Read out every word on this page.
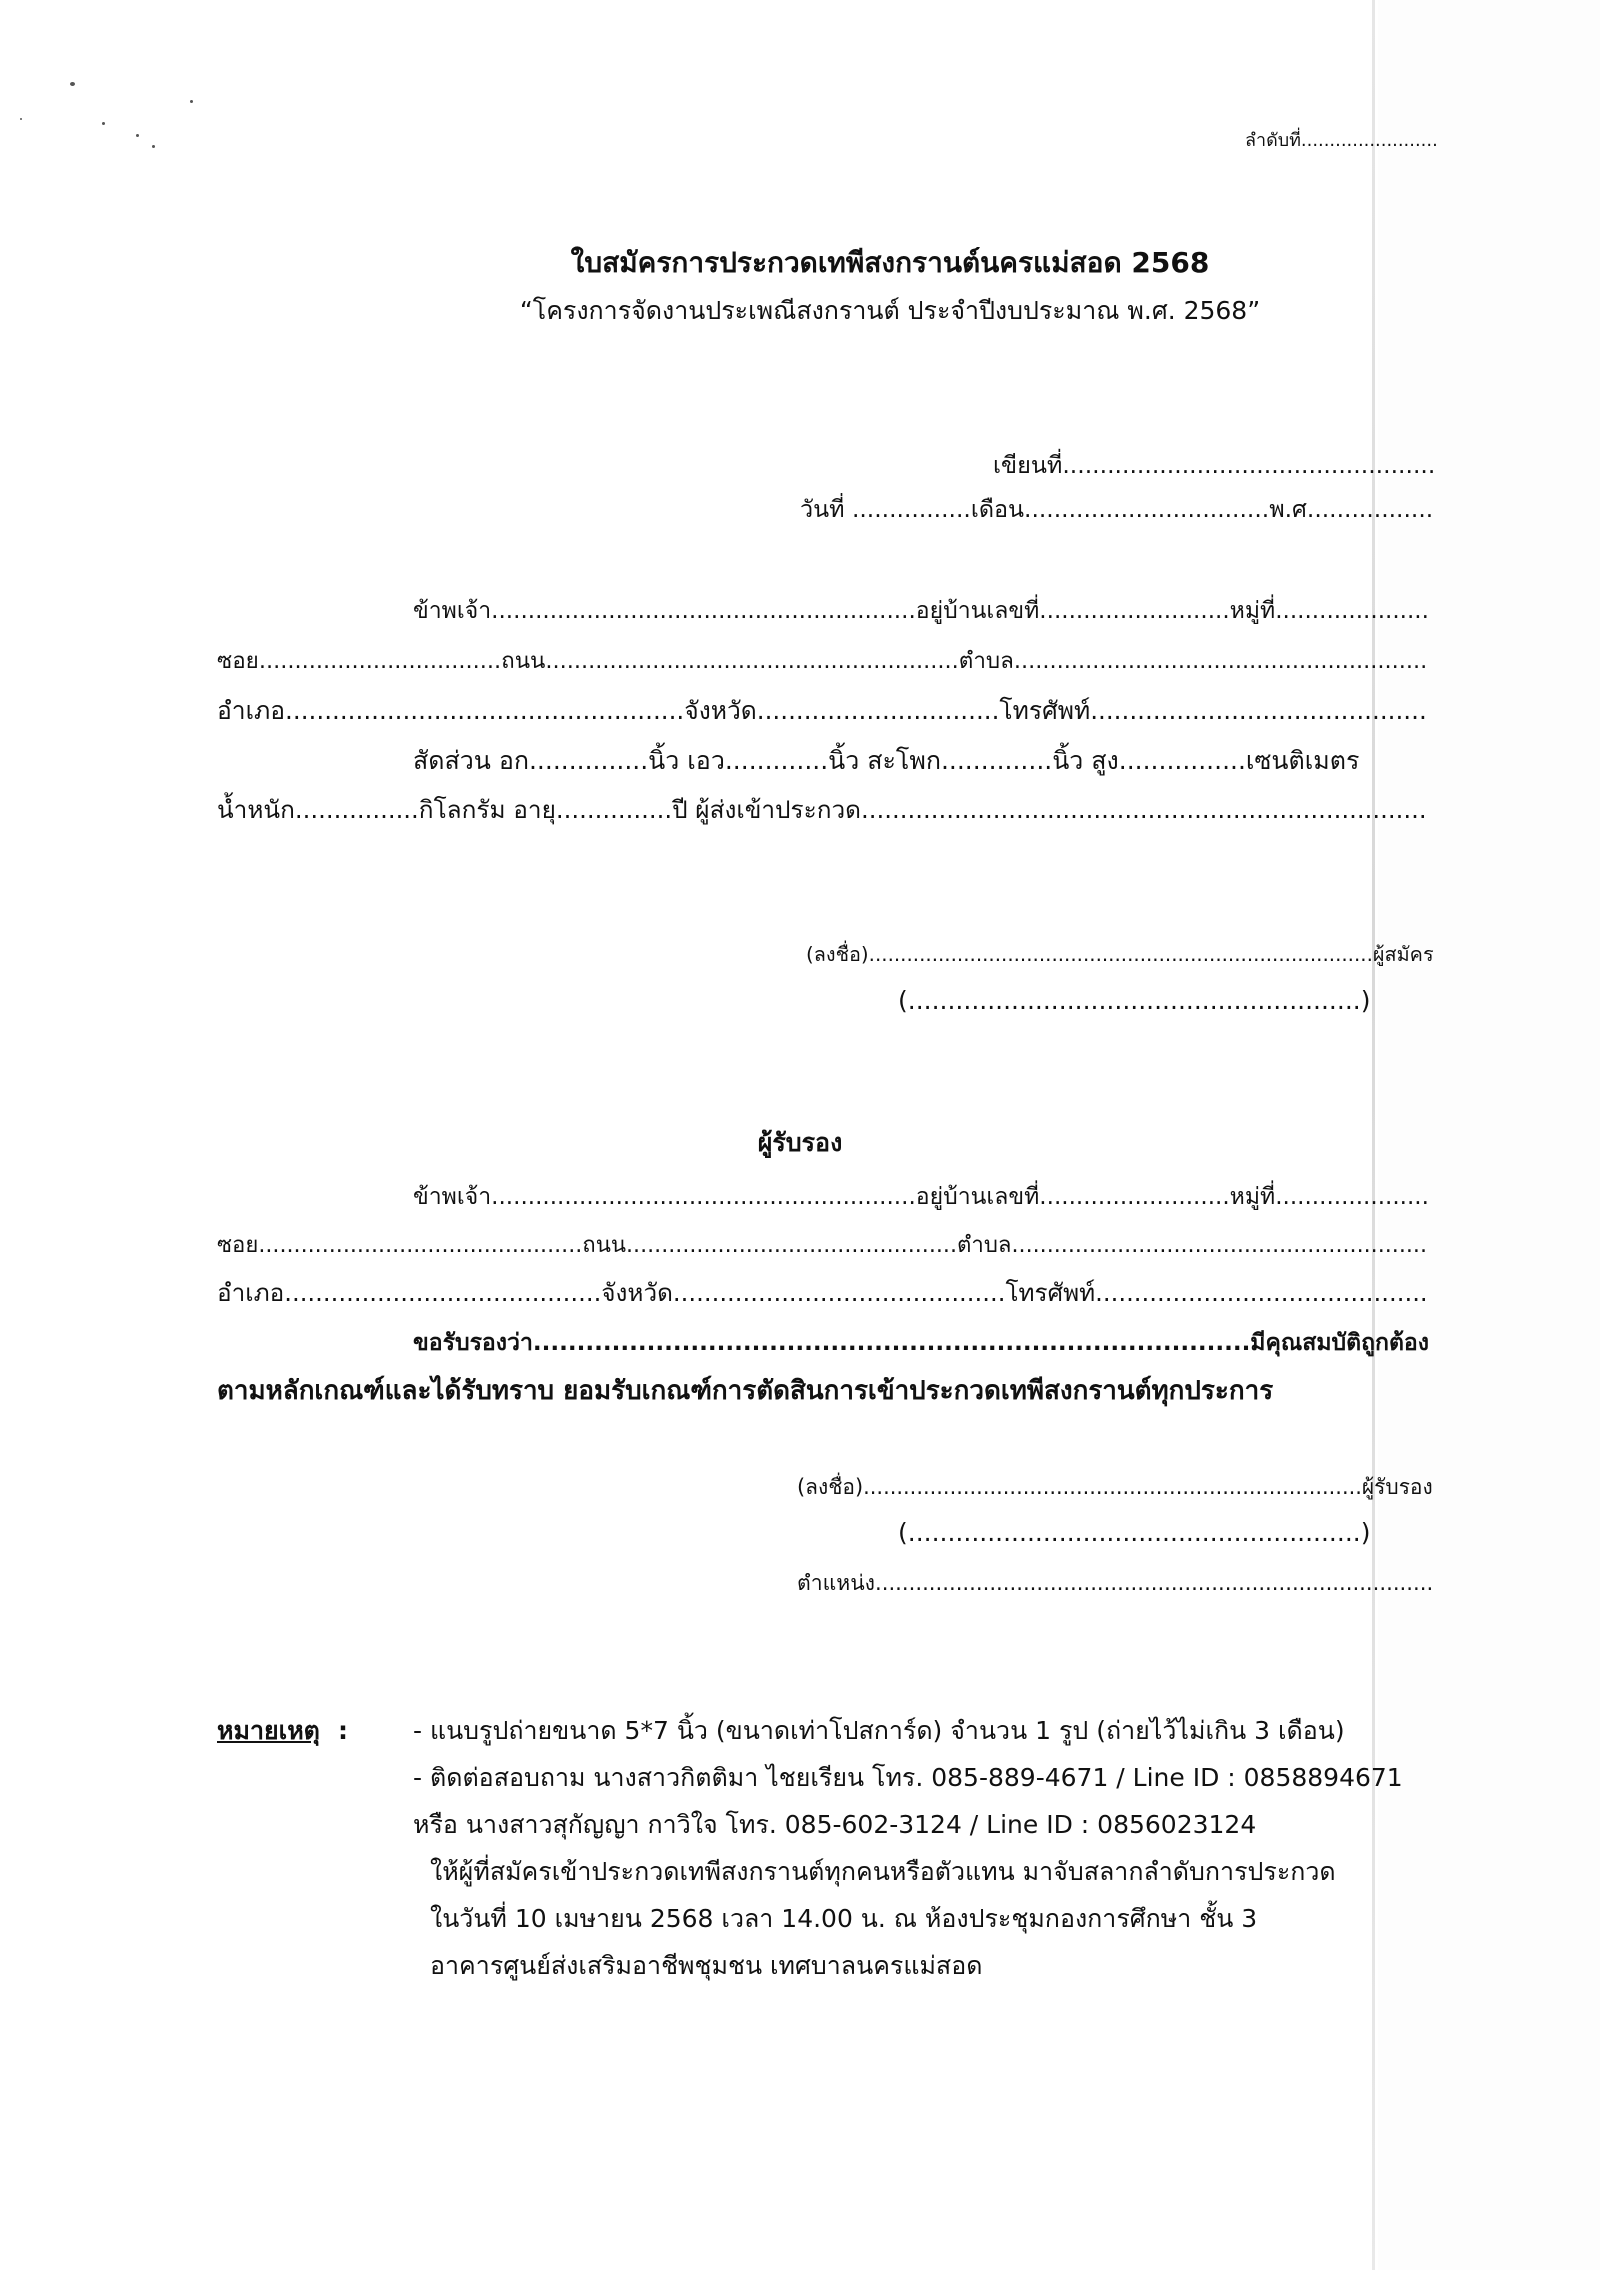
ลำดับที่........................
ใบสมัครการประกวดเทพีสงกรานต์นครแม่สอด 2568
“โครงการจัดงานประเพณีสงกรานต์ ประจำปีงบประมาณ พ.ศ. 2568”
เขียนที่..................................................
วันที่ ................เดือน.................................พ.ศ.................
ข้าพเจ้า..........................................................อยู่บ้านเลขที่..........................หมู่ที่.....................
ซอย..................................ถนน..........................................................ตำบล..........................................................
อำเภอ...................................................จังหวัด...............................โทรศัพท์...........................................
สัดส่วน อก...............นิ้ว เอว.............นิ้ว สะโพก..............นิ้ว สูง................เซนติเมตร
น้ำหนัก................กิโลกรัม อายุ...............ปี ผู้ส่งเข้าประกวด.........................................................................
(ลงชื่อ)................................................................................ผู้สมัคร
(.........................................................)
ผู้รับรอง
ข้าพเจ้า..........................................................อยู่บ้านเลขที่..........................หมู่ที่.....................
ซอย..............................................ถนน...............................................ตำบล...........................................................
อำเภอ.........................................จังหวัด...........................................โทรศัพท์...........................................
ขอรับรองว่า..................................................................................มีคุณสมบัติถูกต้อง
ตามหลักเกณฑ์และได้รับทราบ ยอมรับเกณฑ์การตัดสินการเข้าประกวดเทพีสงกรานต์ทุกประการ
(ลงชื่อ)...........................................................................ผู้รับรอง
(.........................................................)
ตำแหน่ง...................................................................................
หมายเหตุ :	- แนบรูปถ่ายขนาด 5*7 นิ้ว (ขนาดเท่าโปสการ์ด) จำนวน 1 รูป (ถ่ายไว้ไม่เกิน 3 เดือน)
- ติดต่อสอบถาม นางสาวกิตติมา ไชยเรียน โทร. 085-889-4671 / Line ID : 0858894671
หรือ นางสาวสุกัญญา กาวิใจ โทร. 085-602-3124 / Line ID : 0856023124
ให้ผู้ที่สมัครเข้าประกวดเทพีสงกรานต์ทุกคนหรือตัวแทน มาจับสลากลำดับการประกวด
ในวันที่ 10 เมษายน 2568 เวลา 14.00 น. ณ ห้องประชุมกองการศึกษา ชั้น 3
อาคารศูนย์ส่งเสริมอาชีพชุมชน เทศบาลนครแม่สอด
